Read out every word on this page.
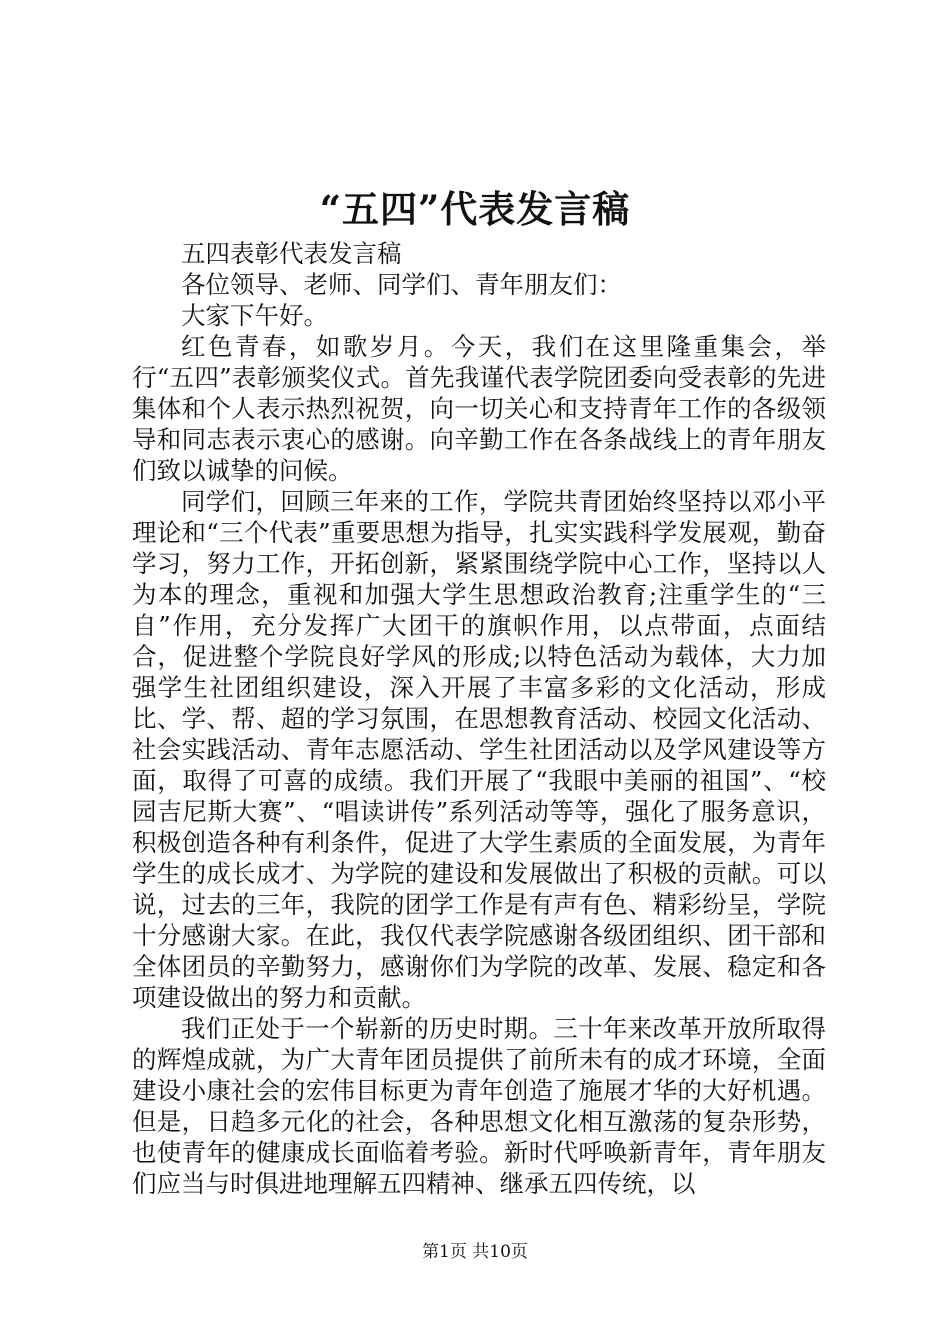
“五四”代表发言稿

五四表彰代表发言稿

各位领导、老师、同学们、青年朋友们：

大家下午好。

红色青春，如歌岁月。今天，我们在这里隆重集会，举行“五四”表彰颁奖仪式。首先我谨代表学院团委向受表彰的先进集体和个人表示热烈祝贺，向一切关心和支持青年工作的各级领导和同志表示衷心的感谢。向辛勤工作在各条战线上的青年朋友们致以诚挚的问候。

同学们，回顾三年来的工作，学院共青团始终坚持以邓小平理论和“三个代表”重要思想为指导，扎实实践科学发展观，勤奋学习，努力工作，开拓创新，紧紧围绕学院中心工作，坚持以人为本的理念，重视和加强大学生思想政治教育;注重学生的“三自”作用，充分发挥广大团干的旗帜作用，以点带面，点面结合，促进整个学院良好学风的形成;以特色活动为载体，大力加强学生社团组织建设，深入开展了丰富多彩的文化活动，形成比、学、帮、超的学习氛围，在思想教育活动、校园文化活动、社会实践活动、青年志愿活动、学生社团活动以及学风建设等方面，取得了可喜的成绩。我们开展了“我眼中美丽的祖国”、“校园吉尼斯大赛”、“唱读讲传”系列活动等等，强化了服务意识，积极创造各种有利条件，促进了大学生素质的全面发展，为青年学生的成长成才、为学院的建设和发展做出了积极的贡献。可以说，过去的三年，我院的团学工作是有声有色、精彩纷呈，学院十分感谢大家。在此，我仅代表学院感谢各级团组织、团干部和全体团员的辛勤努力，感谢你们为学院的改革、发展、稳定和各项建设做出的努力和贡献。

我们正处于一个崭新的历史时期。三十年来改革开放所取得的辉煌成就，为广大青年团员提供了前所未有的成才环境，全面建设小康社会的宏伟目标更为青年创造了施展才华的大好机遇。但是，日趋多元化的社会，各种思想文化相互激荡的复杂形势，也使青年的健康成长面临着考验。新时代呼唤新青年，青年朋友们应当与时俱进地理解五四精神、继承五四传统，以

第1页 共10页
